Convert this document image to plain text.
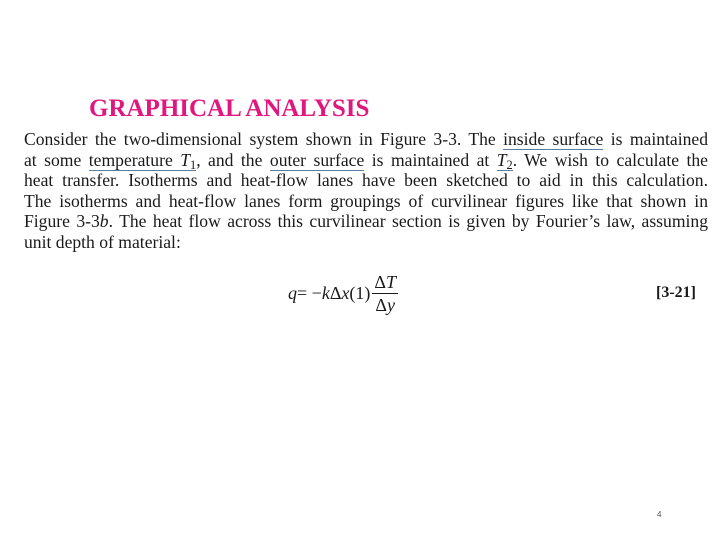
GRAPHICAL ANALYSIS
Consider the two-dimensional system shown in Figure 3-3. The inside surface is maintained
at some temperature $T_1$, and the outer surface is maintained at $T_2$. We wish to calculate the
heat transfer. Isotherms and heat-flow lanes have been sketched to aid in this calculation.
The isotherms and heat-flow lanes form groupings of curvilinear figures like that shown in
Figure 3-3b. The heat flow across this curvilinear section is given by Fourier’s law, assuming
unit depth of material:
q = − k Δ x $(1) \frac{\Delta T}{\Delta y}$	[3-21]
4
